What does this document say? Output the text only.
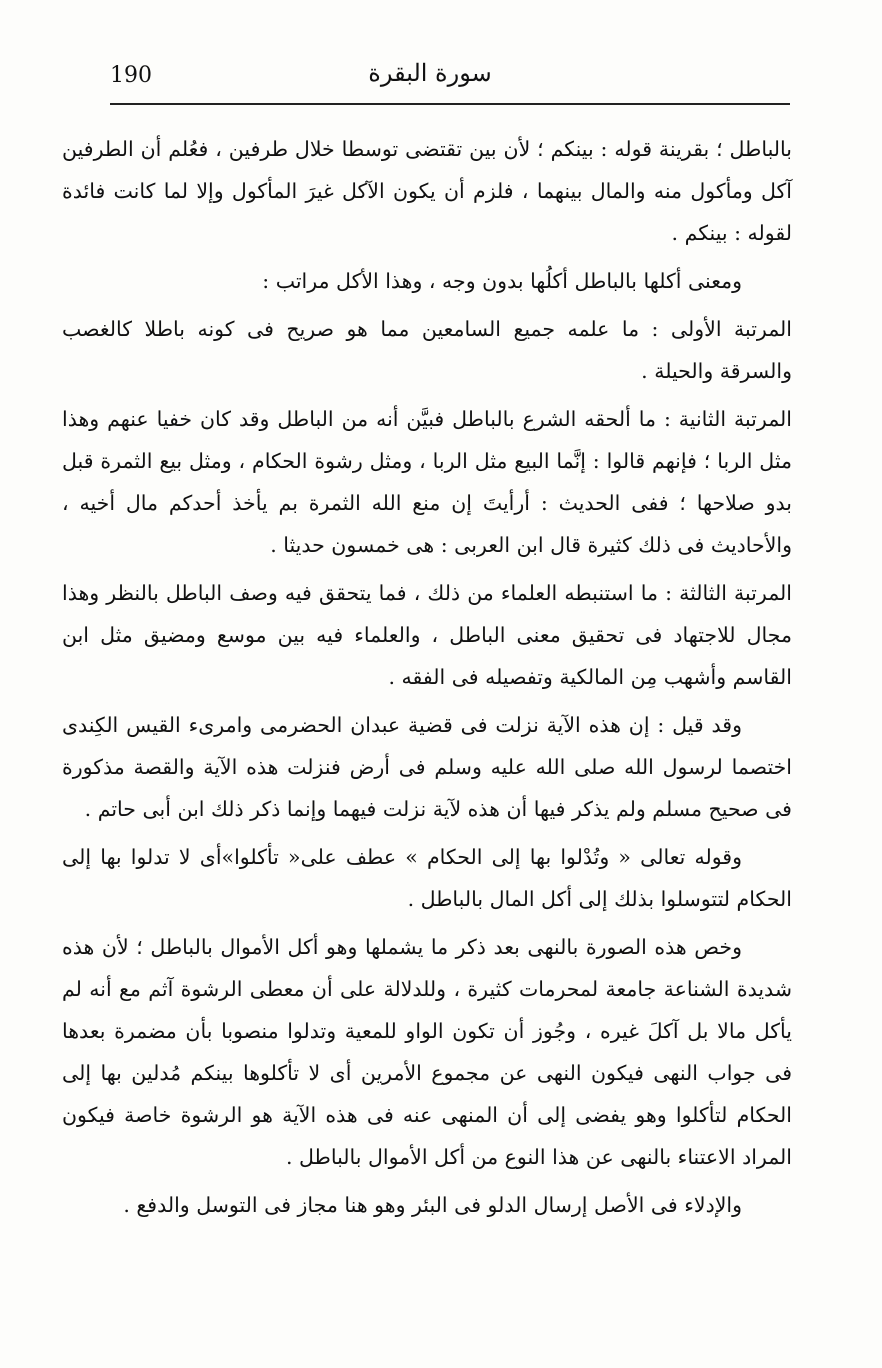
190	سورة البقرة

بالباطل ؛ بقرينة قوله : بينكم ؛ لأن بين تقتضى توسطا خلال طرفين ، فعُلم أن الطرفين آكل ومأكول منه والمال بينهما ، فلزم أن يكون الآكل غيرَ المأكول وإلا لما كانت فائدة لقوله : بينكم .

ومعنى أكلها بالباطل أكلُها بدون وجه ، وهذا الأكل مراتب :

المرتبة الأولى : ما علمه جميع السامعين مما هو صريح فى كونه باطلا كالغصب والسرقة والحيلة .

المرتبة الثانية : ما ألحقه الشرع بالباطل فبيَّن أنه من الباطل وقد كان خفيا عنهم وهذا مثل الربا ؛ فإنهم قالوا : إنَّما البيع مثل الربا ، ومثل رشوة الحكام ، ومثل بيع الثمرة قبل بدو صلاحها ؛ ففى الحديث : أرأيتَ إن منع الله الثمرة بم يأخذ أحدكم مال أخيه ، والأحاديث فى ذلك كثيرة قال ابن العربى : هى خمسون حديثا .

المرتبة الثالثة : ما استنبطه العلماء من ذلك ، فما يتحقق فيه وصف الباطل بالنظر وهذا مجال للاجتهاد فى تحقيق معنى الباطل ، والعلماء فيه بين موسع ومضيق مثل ابن القاسم وأشهب مِن المالكية وتفصيله فى الفقه .

وقد قيل : إن هذه الآية نزلت فى قضية عبدان الحضرمى وامرىء القيس الكِندى اختصما لرسول الله صلى الله عليه وسلم فى أرض فنزلت هذه الآية والقصة مذكورة فى صحيح مسلم ولم يذكر فيها أن هذه لآية نزلت فيهما وإنما ذكر ذلك ابن أبى حاتم .

وقوله تعالى « وتُدْلوا بها إلى الحكام » عطف على« تأكلوا»أى لا تدلوا بها إلى الحكام لتتوسلوا بذلك إلى أكل المال بالباطل .

وخص هذه الصورة بالنهى بعد ذكر ما يشملها وهو أكل الأموال بالباطل ؛ لأن هذه شديدة الشناعة جامعة لمحرمات كثيرة ، وللدلالة على أن معطى الرشوة آثم مع أنه لم يأكل مالا بل آكلَ غيره ، وجُوز أن تكون الواو للمعية وتدلوا منصوبا بأن مضمرة بعدها فى جواب النهى فيكون النهى عن مجموع الأمرين أى لا تأكلوها بينكم مُدلين بها إلى الحكام لتأكلوا وهو يفضى إلى أن المنهى عنه فى هذه الآية هو الرشوة خاصة فيكون المراد الاعتناء بالنهى عن هذا النوع من أكل الأموال بالباطل .

والإدلاء فى الأصل إرسال الدلو فى البئر وهو هنا مجاز فى التوسل والدفع .
